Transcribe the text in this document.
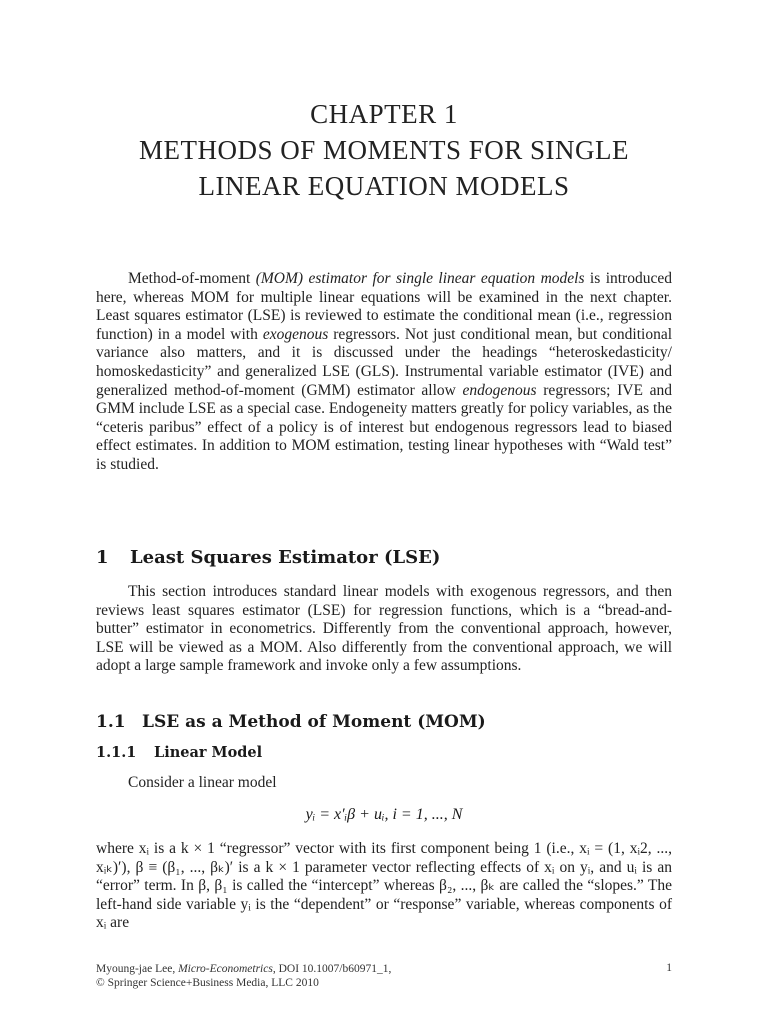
CHAPTER 1
METHODS OF MOMENTS FOR SINGLE
LINEAR EQUATION MODELS

Method-of-moment (MOM) estimator for single linear equation models is introduced here, whereas MOM for multiple linear equations will be examined in the next chapter. Least squares estimator (LSE) is reviewed to estimate the conditional mean (i.e., regression function) in a model with exogenous regressors. Not just conditional mean, but conditional variance also matters, and it is discussed under the headings “heteroskedasticity/ homoskedasticity” and generalized LSE (GLS). Instrumental variable estimator (IVE) and generalized method-of-moment (GMM) estimator allow endogenous regressors; IVE and GMM include LSE as a special case. Endogeneity matters greatly for policy variables, as the “ceteris paribus” effect of a policy is of interest but endogenous regressors lead to biased effect estimates. In addition to MOM estimation, testing linear hypotheses with “Wald test” is studied.

1 Least Squares Estimator (LSE)

This section introduces standard linear models with exogenous regressors, and then reviews least squares estimator (LSE) for regression functions, which is a “bread-and-butter” estimator in econometrics. Differently from the conventional approach, however, LSE will be viewed as a MOM. Also differently from the conventional approach, we will adopt a large sample framework and invoke only a few assumptions.

1.1 LSE as a Method of Moment (MOM)
1.1.1 Linear Model

Consider a linear model

yᵢ = x′ᵢβ + uᵢ, i = 1, ..., N

where xᵢ is a k × 1 “regressor” vector with its first component being 1 (i.e., xᵢ = (1, xᵢ2, ..., xᵢₖ)′), β ≡ (β₁, ..., βₖ)′ is a k × 1 parameter vector reflecting effects of xᵢ on yᵢ, and uᵢ is an “error” term. In β, β₁ is called the “intercept” whereas β₂, ..., βₖ are called the “slopes.” The left-hand side variable yᵢ is the “dependent” or “response” variable, whereas components of xᵢ are

Myoung-jae Lee, Micro-Econometrics, DOI 10.1007/b60971_1,
© Springer Science+Business Media, LLC 2010
1
